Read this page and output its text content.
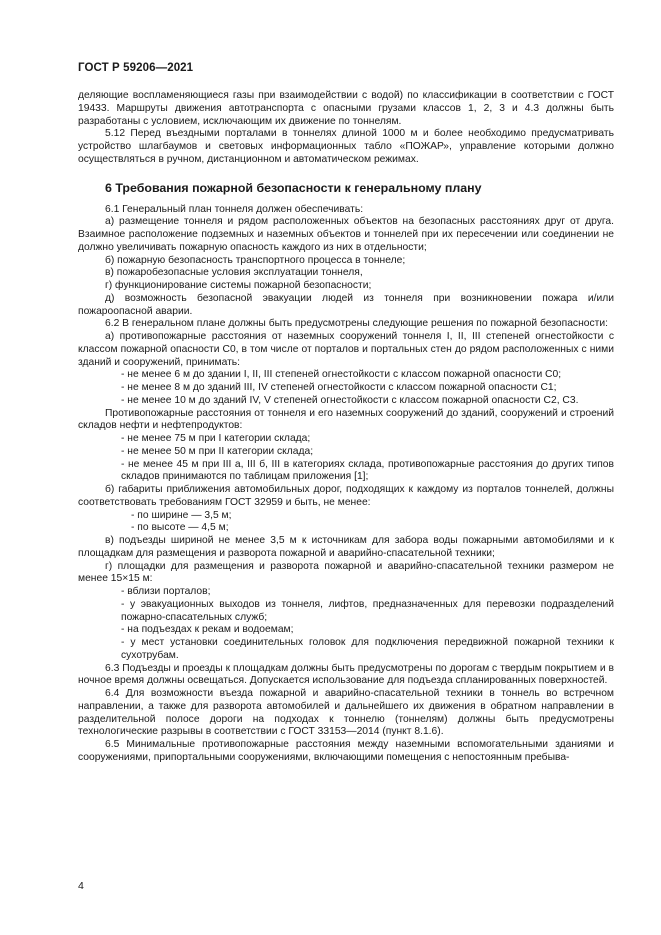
ГОСТ Р 59206—2021

деляющие воспламеняющиеся газы при взаимодействии с водой) по классификации в соответствии с ГОСТ 19433. Маршруты движения автотранспорта с опасными грузами классов 1, 2, 3 и 4.3 должны быть разработаны с условием, исключающим их движение по тоннелям.

5.12 Перед въездными порталами в тоннелях длиной 1000 м и более необходимо предусматривать устройство шлагбаумов и световых информационных табло «ПОЖАР», управление которыми должно осуществляться в ручном, дистанционном и автоматическом режимах.

6 Требования пожарной безопасности к генеральному плану

6.1 Генеральный план тоннеля должен обеспечивать:

а) размещение тоннеля и рядом расположенных объектов на безопасных расстояниях друг от друга. Взаимное расположение подземных и наземных объектов и тоннелей при их пересечении или соединении не должно увеличивать пожарную опасность каждого из них в отдельности;

б) пожарную безопасность транспортного процесса в тоннеле;

в) пожаробезопасные условия эксплуатации тоннеля,

г) функционирование системы пожарной безопасности;

д) возможность безопасной эвакуации людей из тоннеля при возникновении пожара и/или пожароопасной аварии.

6.2 В генеральном плане должны быть предусмотрены следующие решения по пожарной безопасности:

а) противопожарные расстояния от наземных сооружений тоннеля I, II, III степеней огнестойкости с классом пожарной опасности С0, в том числе от порталов и портальных стен до рядом расположенных с ними зданий и сооружений, принимать:

- не менее 6 м до здании I, II, III степеней огнестойкости с классом пожарной опасности С0;

- не менее 8 м до зданий III, IV степеней огнестойкости с классом пожарной опасности С1;

- не менее 10 м до зданий IV, V степеней огнестойкости с классом пожарной опасности С2, С3.

Противопожарные расстояния от тоннеля и его наземных сооружений до зданий, сооружений и строений складов нефти и нефтепродуктов:

- не менее 75 м при I категории склада;

- не менее 50 м при II категории склада;

- не менее 45 м при III а, III б, III в категориях склада, противопожарные расстояния до других типов складов принимаются по таблицам приложения [1];

б) габариты приближения автомобильных дорог, подходящих к каждому из порталов тоннелей, должны соответствовать требованиям ГОСТ 32959 и быть, не менее:

- по ширине — 3,5 м;

- по высоте — 4,5 м;

в) подъезды шириной не менее 3,5 м к источникам для забора воды пожарными автомобилями и к площадкам для размещения и разворота пожарной и аварийно-спасательной техники;

г) площадки для размещения и разворота пожарной и аварийно-спасательной техники размером не менее 15×15 м:

- вблизи порталов;

- у эвакуационных выходов из тоннеля, лифтов, предназначенных для перевозки подразделений пожарно-спасательных служб;

- на подъездах к рекам и водоемам;

- у мест установки соединительных головок для подключения передвижной пожарной техники к сухотрубам.

6.3 Подъезды и проезды к площадкам должны быть предусмотрены по дорогам с твердым покрытием и в ночное время должны освещаться. Допускается использование для подъезда спланированных поверхностей.

6.4 Для возможности въезда пожарной и аварийно-спасательной техники в тоннель во встречном направлении, а также для разворота автомобилей и дальнейшего их движения в обратном направлении в разделительной полосе дороги на подходах к тоннелю (тоннелям) должны быть предусмотрены технологические разрывы в соответствии с ГОСТ 33153—2014 (пункт 8.1.6).

6.5 Минимальные противопожарные расстояния между наземными вспомогательными зданиями и сооружениями, припортальными сооружениями, включающими помещения с непостоянным пребыва-

4
